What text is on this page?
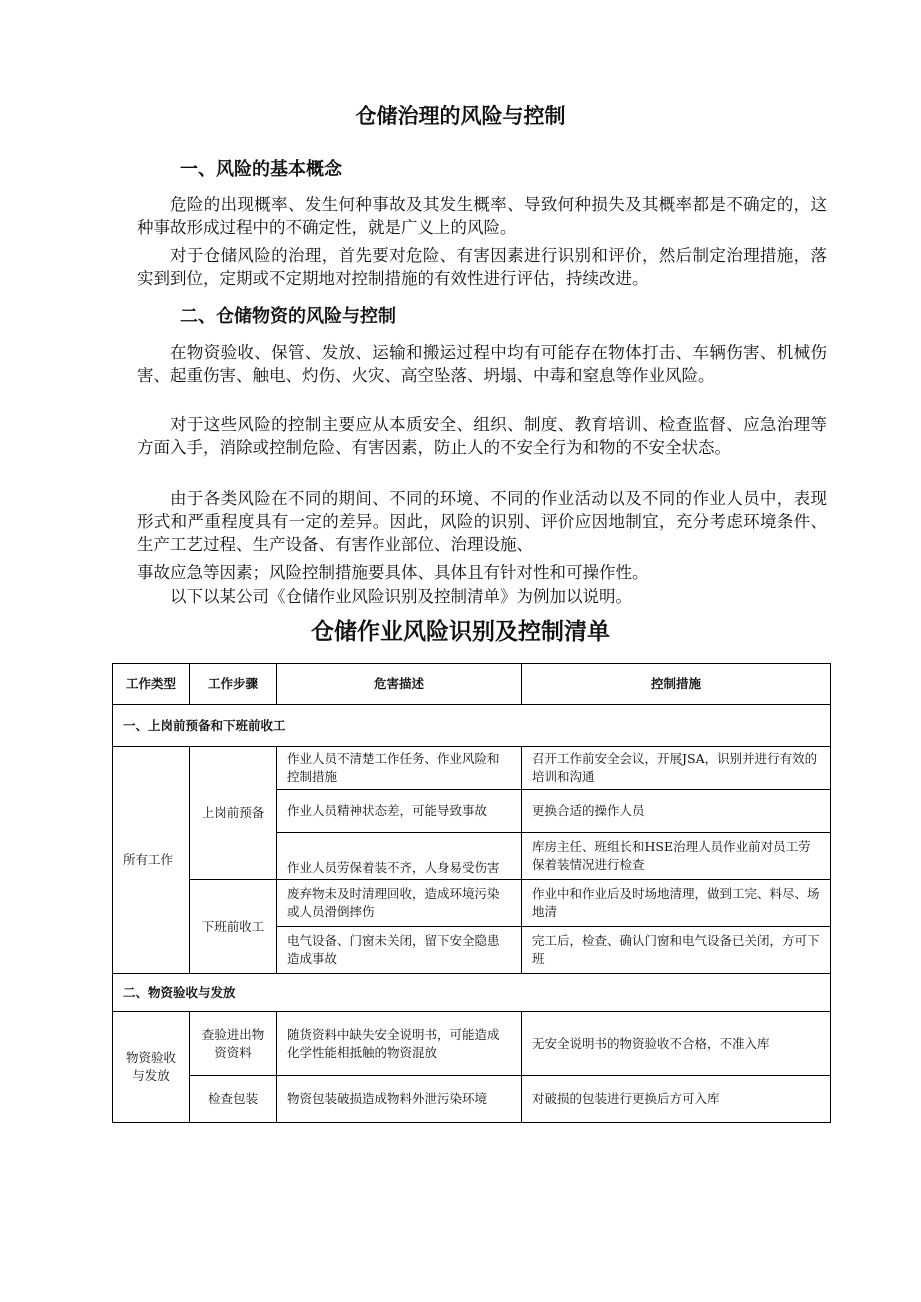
仓储治理的风险与控制
一、风险的基本概念
危险的出现概率、发生何种事故及其发生概率、导致何种损失及其概率都是不确定的，这种事故形成过程中的不确定性，就是广义上的风险。
对于仓储风险的治理，首先要对危险、有害因素进行识别和评价，然后制定治理措施，落实到到位，定期或不定期地对控制措施的有效性进行评估，持续改进。
二、仓储物资的风险与控制
在物资验收、保管、发放、运输和搬运过程中均有可能存在物体打击、车辆伤害、机械伤害、起重伤害、触电、灼伤、火灾、高空坠落、坍塌、中毒和窒息等作业风险。
对于这些风险的控制主要应从本质安全、组织、制度、教育培训、检查监督、应急治理等方面入手，消除或控制危险、有害因素，防止人的不安全行为和物的不安全状态。
由于各类风险在不同的期间、不同的环境、不同的作业活动以及不同的作业人员中，表现形式和严重程度具有一定的差异。因此，风险的识别、评价应因地制宜，充分考虑环境条件、生产工艺过程、生产设备、有害作业部位、治理设施、
事故应急等因素；风险控制措施要具体、具体且有针对性和可操作性。
以下以某公司《仓储作业风险识别及控制清单》为例加以说明。
仓储作业风险识别及控制清单
工作类型	工作步骤	危害描述	控制措施
一、上岗前预备和下班前收工			
所有工作	上岗前预备	作业人员不清楚工作任务、作业风险和控制措施	召开工作前安全会议，开展JSA，识别并进行有效的培训和沟通
		作业人员精神状态差，可能导致事故	更换合适的操作人员
		作业人员劳保着装不齐，人身易受伤害	库房主任、班组长和HSE治理人员作业前对员工劳保着装情况进行检查
	下班前收工	废弃物未及时清理回收，造成环境污染或人员滑倒摔伤	作业中和作业后及时场地清理，做到工完、料尽、场地清
		电气设备、门窗未关闭，留下安全隐患造成事故	完工后，检查、确认门窗和电气设备已关闭，方可下班
二、物资验收与发放			
物资验收与发放	查验进出物资资料	随货资料中缺失安全说明书，可能造成化学性能相抵触的物资混放	无安全说明书的物资验收不合格，不准入库
	检查包装	物资包装破损造成物料外泄污染环境	对破损的包装进行更换后方可入库
